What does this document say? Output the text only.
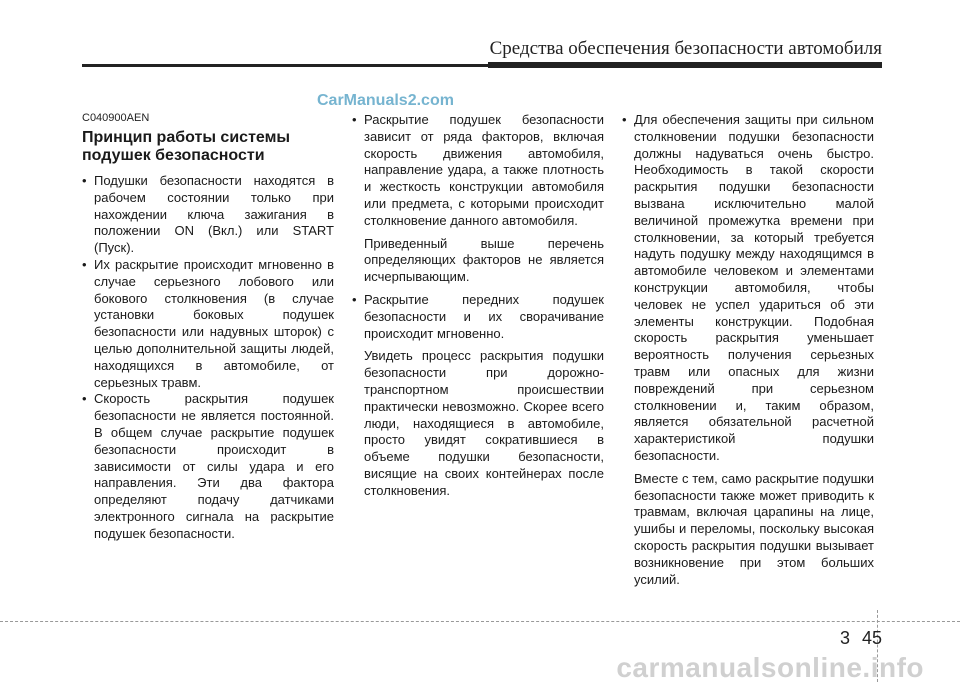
Средства обеспечения безопасности автомобиля
CarManuals2.com
C040900AEN
Принцип работы системы подушек безопасности
• Подушки безопасности находятся в рабочем состоянии только при нахождении ключа зажигания в положении ON (Вкл.) или START (Пуск).
• Их раскрытие происходит мгновенно в случае серьезного лобового или бокового столкновения (в случае установки боковых подушек безопасности или надувных шторок) с целью дополнительной защиты людей, находящихся в автомобиле, от серьезных травм.
• Скорость раскрытия подушек безопасности не является постоянной. В общем случае раскрытие подушек безопасности происходит в зависимости от силы удара и его направления. Эти два фактора определяют подачу датчиками электронного сигнала на раскрытие подушек безопасности.
• Раскрытие подушек безопасности зависит от ряда факторов, включая скорость движения автомобиля, направление удара, а также плотность и жесткость конструкции автомобиля или предмета, с которыми происходит столкновение данного автомобиля.

Приведенный выше перечень определяющих факторов не является исчерпывающим.

• Раскрытие передних подушек безопасности и их сворачивание происходит мгновенно.

Увидеть процесс раскрытия подушки безопасности при дорожно-транспортном происшествии практически невозможно. Скорее всего люди, находящиеся в автомобиле, просто увидят сократившиеся в объеме подушки безопасности, висящие на своих контейнерах после столкновения.

• Для обеспечения защиты при сильном столкновении подушки безопасности должны надуваться очень быстро. Необходимость в такой скорости раскрытия подушки безопасности вызвана исключительно малой величиной промежутка времени при столкновении, за который требуется надуть подушку между находящимся в автомобиле человеком и элементами конструкции автомобиля, чтобы человек не успел удариться об эти элементы конструкции. Подобная скорость раскрытия уменьшает вероятность получения серьезных травм или опасных для жизни повреждений при серьезном столкновении и, таким образом, является обязательной расчетной характеристикой подушки безопасности.

Вместе с тем, само раскрытие подушки безопасности также может приводить к травмам, включая царапины на лице, ушибы и переломы, поскольку высокая скорость раскрытия подушки вызывает возникновение при этом больших усилий.

3 45
carmanualsonline.info
